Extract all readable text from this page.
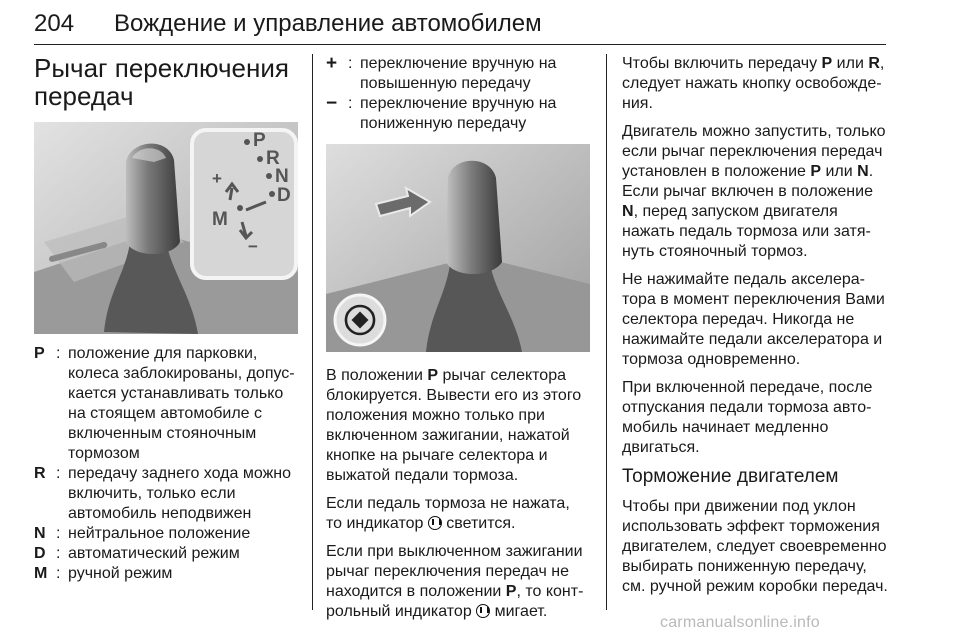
204 Вождение и управление автомобилем
Рычаг переключения передач
P
R
N
D
M
+
−
P : положение для парковки, колеса заблокированы, допускается устанавливать только на стоящем автомобиле с включенным стояночным тормозом
R : передачу заднего хода можно включить, только если автомобиль неподвижен
N : нейтральное положение
D : автоматический режим
M : ручной режим
+ : переключение вручную на повышенную передачу
− : переключение вручную на пониженную передачу

В положении P рычаг селектора блокируется. Вывести его из этого положения можно только при включенном зажигании, нажатой кнопке на рычаге селектора и выжатой педали тормоза.

Если педаль тормоза не нажата, то индикатор  светится.

Если при выключенном зажигании рычаг переключения передач не находится в положении P, то контрольный индикатор  мигает.

Чтобы включить передачу P или R, следует нажать кнопку освобождения.

Двигатель можно запустить, только если рычаг переключения передач установлен в положение P или N. Если рычаг включен в положение N, перед запуском двигателя нажать педаль тормоза или затянуть стояночный тормоз.

Не нажимайте педаль акселератора в момент переключения Вами селектора передач. Никогда не нажимайте педали акселератора и тормоза одновременно.

При включенной передаче, после отпускания педали тормоза автомобиль начинает медленно двигаться.

Торможение двигателем

Чтобы при движении под уклон использовать эффект торможения двигателем, следует своевременно выбирать пониженную передачу, см. ручной режим коробки передач.

carmanualsonline.info
